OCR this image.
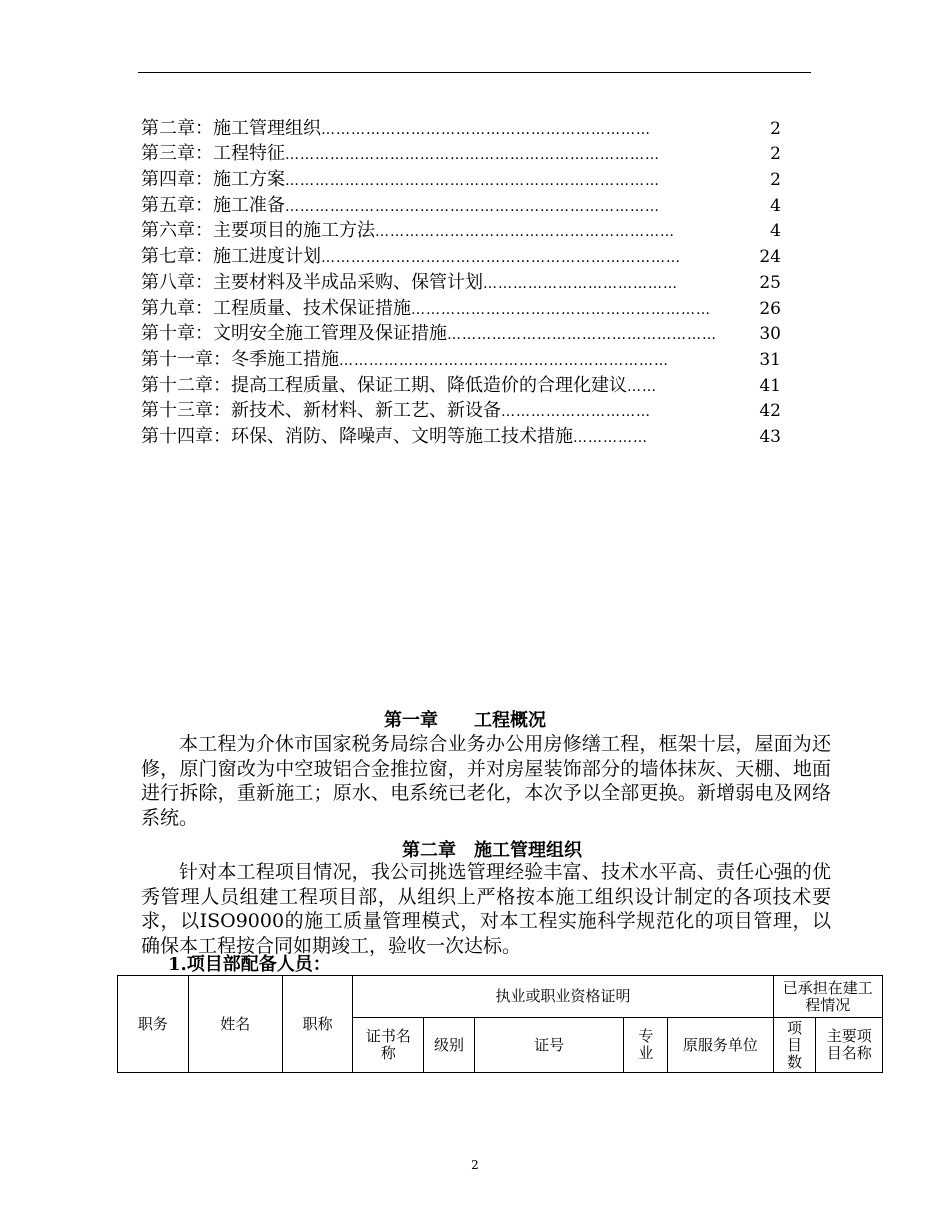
第二章：施工管理组织 …………………………………………………………	2
第三章：工程特征 …………………………………………………………………	2
第四章：施工方案 …………………………………………………………………	2
第五章：施工准备 …………………………………………………………………	4
第六章：主要项目的施工方法 ……………………………………………………	4
第七章：施工进度计划 ………………………………………………………………	24
第八章：主要材料及半成品采购、保管计划 …………………………………	25
第九章：工程质量、技术保证措施 ……………………………………………………	26
第十章：文明安全施工管理及保证措施 ………………………………………………	30
第十一章：冬季施工措施 …………………………………………………………	31
第十二章：提高工程质量、保证工期、降低造价的合理化建议 ……	41
第十三章：新技术、新材料、新工艺、新设备 …………………………	42
第十四章：环保、消防、降噪声、文明等施工技术措施 ……………	43
第一章　　工程概况
本工程为介休市国家税务局综合业务办公用房修缮工程，框架十层，屋面为还修，原门窗改为中空玻铝合金推拉窗，并对房屋装饰部分的墙体抹灰、天棚、地面进行拆除，重新施工；原水、电系统已老化，本次予以全部更换。新增弱电及网络系统。
第二章　施工管理组织
针对本工程项目情况，我公司挑选管理经验丰富、技术水平高、责任心强的优秀管理人员组建工程项目部，从组织上严格按本施工组织设计制定的各项技术要求，以ISO9000的施工质量管理模式，对本工程实施科学规范化的项目管理，以确保本工程按合同如期竣工，验收一次达标。
1.项目部配备人员：
职务	姓名	职称	执业或职业资格证明					已承担在建工程情况	
			证书名称	级别	证号	专业	原服务单位	项目数	主要项目名称
2
